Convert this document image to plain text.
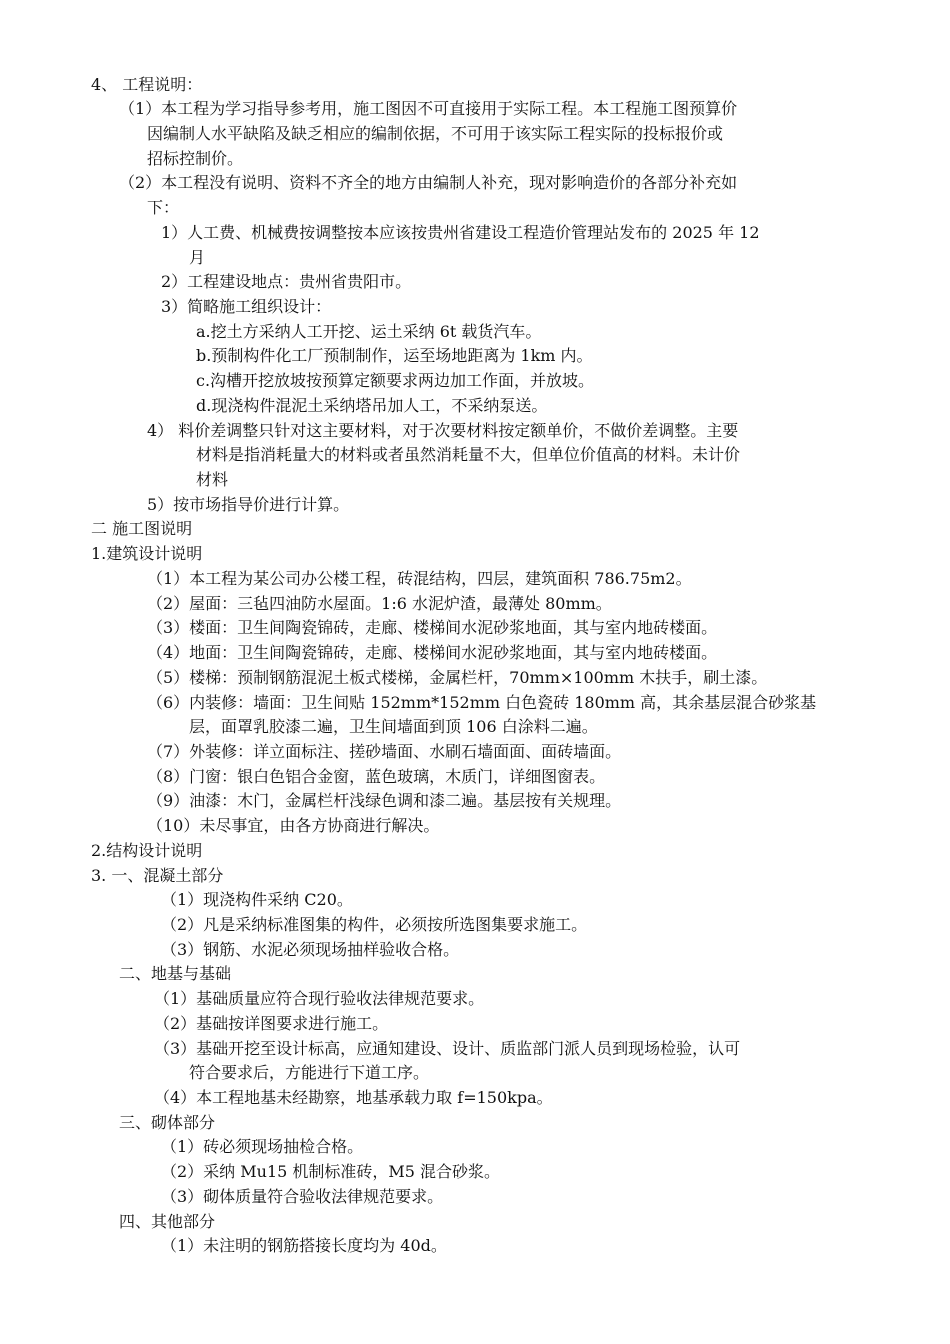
4、 工程说明：
（1）本工程为学习指导参考用，施工图因不可直接用于实际工程。本工程施工图预算价
因编制人水平缺陷及缺乏相应的编制依据，不可用于该实际工程实际的投标报价或
招标控制价。
（2）本工程没有说明、资料不齐全的地方由编制人补充，现对影响造价的各部分补充如
下：
1）人工费、机械费按调整按本应该按贵州省建设工程造价管理站发布的 2025 年 12
月
2）工程建设地点：贵州省贵阳市。
3）简略施工组织设计：
a.挖土方采纳人工开挖、运土采纳 6t 载货汽车。
b.预制构件化工厂预制制作，运至场地距离为 1km 内。
c.沟槽开挖放坡按预算定额要求两边加工作面，并放坡。
d.现浇构件混泥土采纳塔吊加人工，不采纳泵送。
4） 料价差调整只针对这主要材料，对于次要材料按定额单价，不做价差调整。主要
材料是指消耗量大的材料或者虽然消耗量不大，但单位价值高的材料。未计价
材料
5）按市场指导价进行计算。
二 施工图说明
1.建筑设计说明
（1）本工程为某公司办公楼工程，砖混结构，四层，建筑面积 786.75m2。
（2）屋面：三毡四油防水屋面。1:6 水泥炉渣，最薄处 80mm。
（3）楼面：卫生间陶瓷锦砖，走廊、楼梯间水泥砂浆地面，其与室内地砖楼面。
（4）地面：卫生间陶瓷锦砖，走廊、楼梯间水泥砂浆地面，其与室内地砖楼面。
（5）楼梯：预制钢筋混泥土板式楼梯，金属栏杆，70mm×100mm 木扶手，刷土漆。
（6）内装修：墙面：卫生间贴 152mm*152mm 白色瓷砖 180mm 高，其余基层混合砂浆基
层，面罩乳胶漆二遍，卫生间墙面到顶 106 白涂料二遍。
（7）外装修：详立面标注、搓砂墙面、水刷石墙面面、面砖墙面。
（8）门窗：银白色铝合金窗，蓝色玻璃，木质门，详细图窗表。
（9）油漆：木门，金属栏杆浅绿色调和漆二遍。基层按有关规理。
（10）未尽事宜，由各方协商进行解决。
2.结构设计说明
3. 一、混凝土部分
（1）现浇构件采纳 C20。
（2）凡是采纳标准图集的构件，必须按所选图集要求施工。
（3）钢筋、水泥必须现场抽样验收合格。
二、地基与基础
（1）基础质量应符合现行验收法律规范要求。
（2）基础按详图要求进行施工。
（3）基础开挖至设计标高，应通知建设、设计、质监部门派人员到现场检验，认可
符合要求后，方能进行下道工序。
（4）本工程地基未经勘察，地基承载力取 f=150kpa。
三、砌体部分
（1）砖必须现场抽检合格。
（2）采纳 Mu15 机制标准砖，M5 混合砂浆。
（3）砌体质量符合验收法律规范要求。
四、其他部分
（1）未注明的钢筋搭接长度均为 40d。
